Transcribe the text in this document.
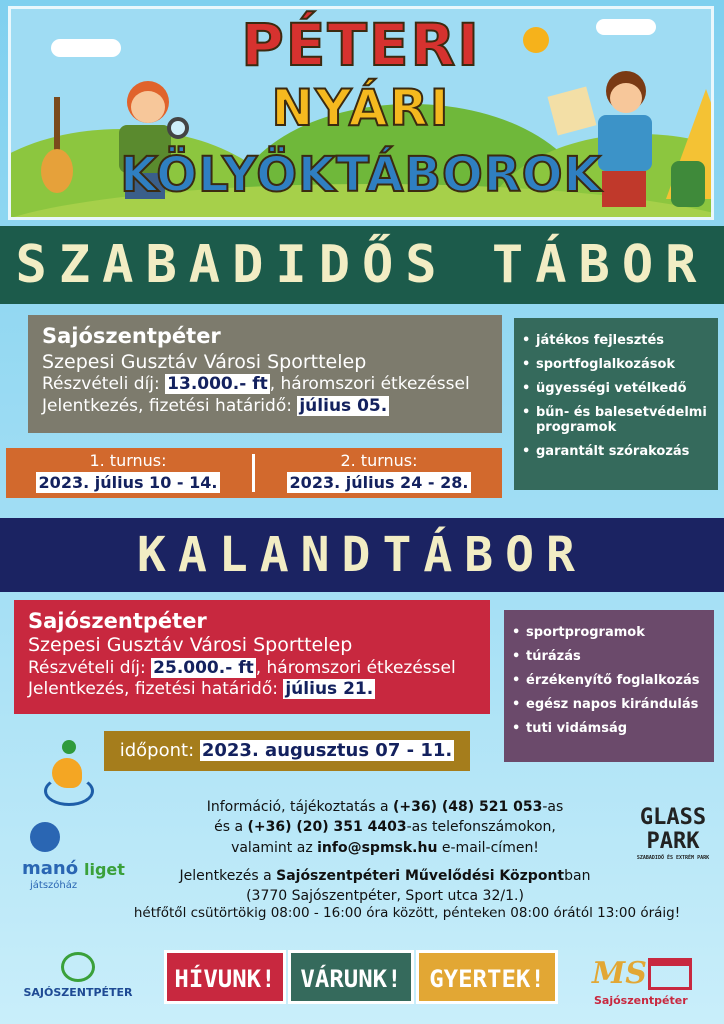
PÉTERI
NYÁRI
KÖLYÖKTÁBOROK
SZABADIDŐS TÁBOR
Sajószentpéter
Szepesi Gusztáv Városi Sporttelep
Részvételi díj: 13.000.- ft , háromszori étkezéssel
Jelentkezés, fizetési határidő: július 05.
1. turnus:
2023. július 10 - 14.
2. turnus:
2023. július 24 - 28.
• játékos fejlesztés
• sportfoglalkozások
• ügyességi vetélkedő
• bűn- és balesetvédelmi programok
• garantált szórakozás
KALANDTÁBOR
Sajószentpéter
Szepesi Gusztáv Városi Sporttelep
Részvételi díj: 25.000.- ft , háromszori étkezéssel
Jelentkezés, fizetési határidő: július 21.
időpont: 2023. augusztus 07 - 11.
• sportprogramok
• túrázás
• érzékenyítő foglalkozás
• egész napos kirándulás
• tuti vidámság
manó liget
játszóház
Információ, tájékoztatás a (+36) (48) 521 053-as
és a (+36) (20) 351 4403-as telefonszámokon,
valamint az info@spmsk.hu e-mail-címen!
Jelentkezés a Sajószentpéteri Művelődési Központban
(3770 Sajószentpéter, Sport utca 32/1.)
hétfőtől csütörtökig 08:00 - 16:00 óra között, pénteken 08:00 órától 13:00 óráig!
GLASS
PARK
SZABADIDŐ ÉS EXTRÉM PARK
SAJÓSZENTPÉTER	HÍVUNK!	VÁRUNK!	GYERTEK!	MS
Sajószentpéter
